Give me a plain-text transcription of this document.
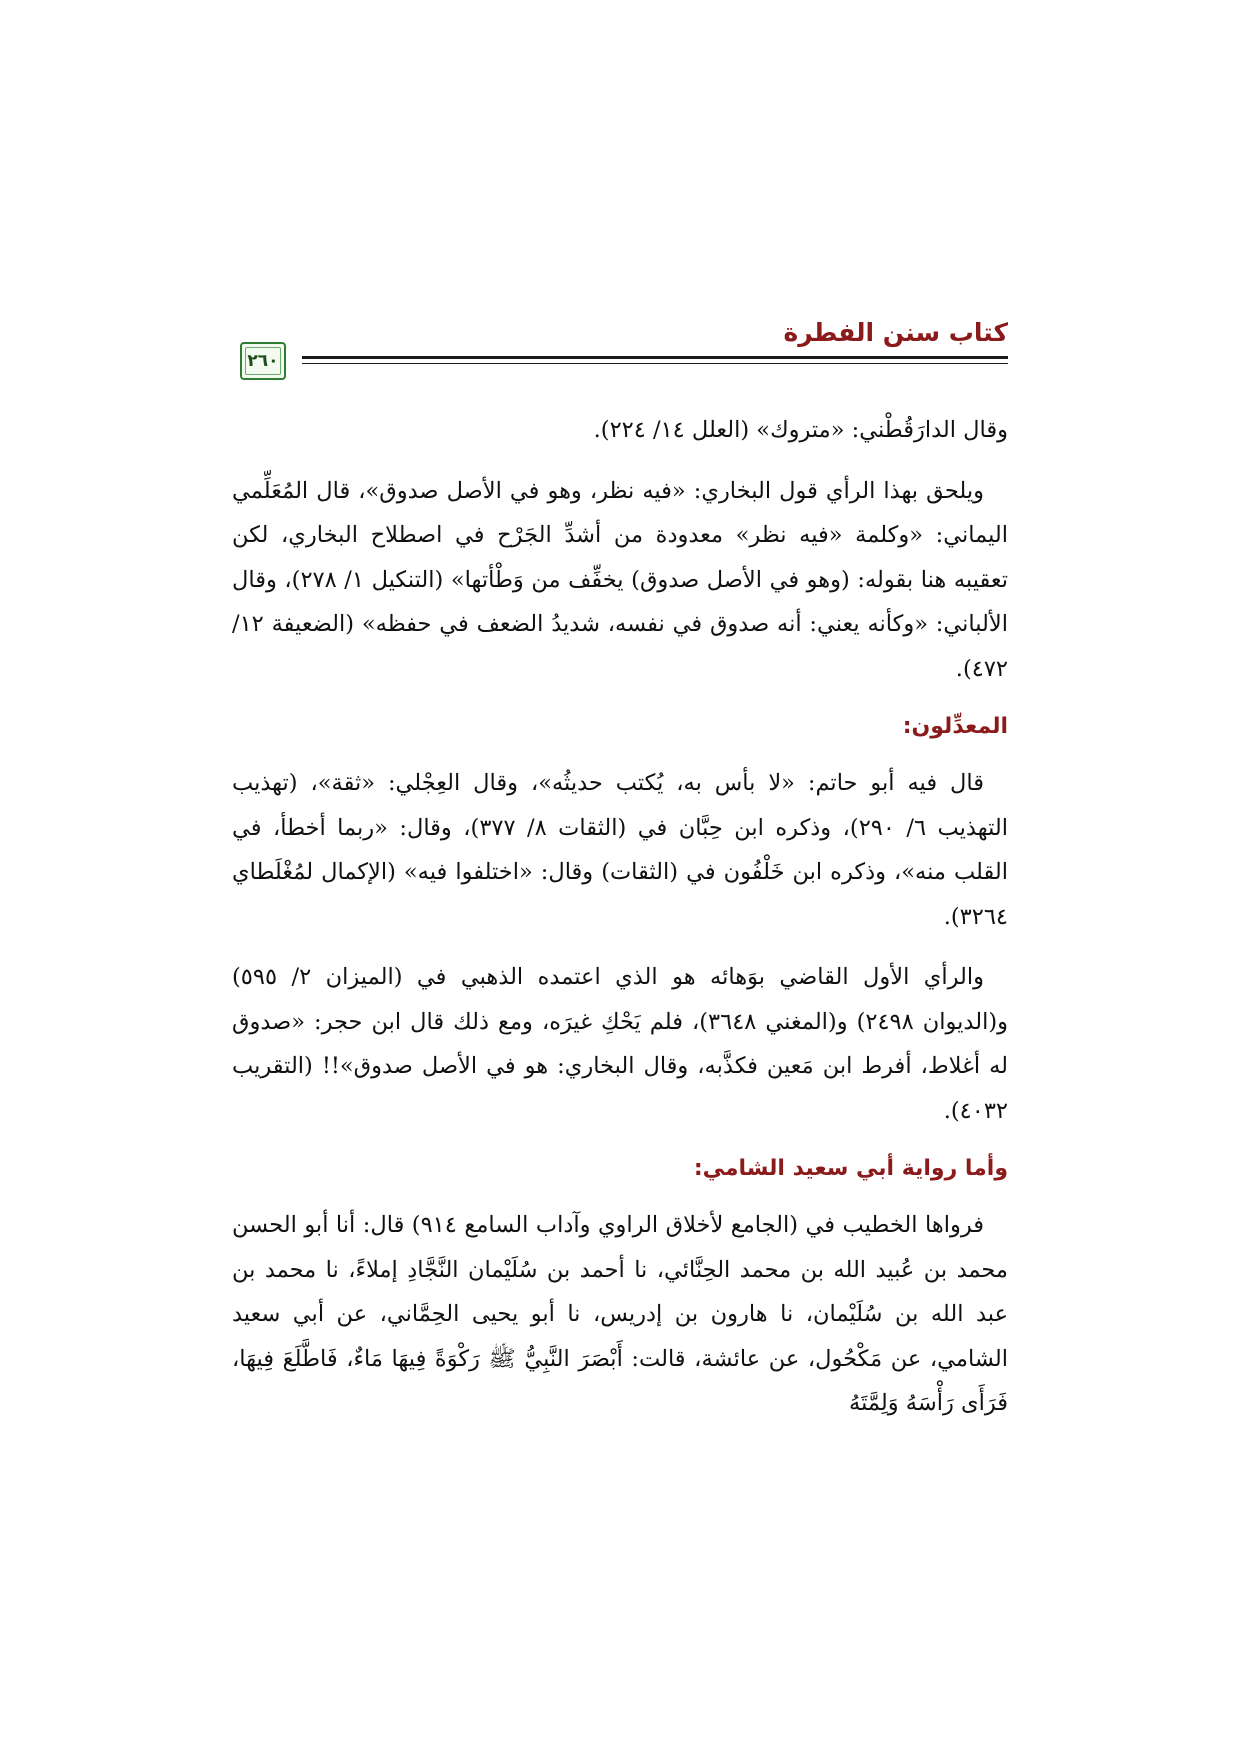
٢٦٠
كتاب سنن الفطرة

وقال الدارَقُطْني: «متروك» (العلل ١٤/ ٢٢٤).

ويلحق بهذا الرأي قول البخاري: «فيه نظر، وهو في الأصل صدوق»، قال المُعَلِّمي اليماني: «وكلمة «فيه نظر» معدودة من أشدِّ الجَرْح في اصطلاح البخاري، لكن تعقيبه هنا بقوله: (وهو في الأصل صدوق) يخفِّف من وَطْأتها» (التنكيل ١/ ٢٧٨)، وقال الألباني: «وكأنه يعني: أنه صدوق في نفسه، شديدُ الضعف في حفظه» (الضعيفة ١٢/ ٤٧٢).

المعدِّلون:

قال فيه أبو حاتم: «لا بأس به، يُكتب حديثُه»، وقال العِجْلي: «ثقة»، (تهذيب التهذيب ٦/ ٢٩٠)، وذكره ابن حِبَّان في (الثقات ٨/ ٣٧٧)، وقال: «ربما أخطأ، في القلب منه»، وذكره ابن خَلْفُون في (الثقات) وقال: «اختلفوا فيه» (الإكمال لمُغْلَطاي ٣٢٦٤).

والرأي الأول القاضي بوَهائه هو الذي اعتمده الذهبي في (الميزان ٢/ ٥٩٥) و(الديوان ٢٤٩٨) و(المغني ٣٦٤٨)، فلم يَحْكِ غيرَه، ومع ذلك قال ابن حجر: «صدوق له أغلاط، أفرط ابن مَعين فكذَّبه، وقال البخاري: هو في الأصل صدوق»!! (التقريب ٤٠٣٢).

وأما رواية أبي سعيد الشامي:

فرواها الخطيب في (الجامع لأخلاق الراوي وآداب السامع ٩١٤) قال: أنا أبو الحسن محمد بن عُبيد الله بن محمد الحِنَّائي، نا أحمد بن سُلَيْمان النَّجَّادِ إملاءً، نا محمد بن عبد الله بن سُلَيْمان، نا هارون بن إدريس، نا أبو يحيى الحِمَّاني، عن أبي سعيد الشامي، عن مَكْحُول، عن عائشة، قالت: أَبْصَرَ النَّبِيُّ ﷺ رَكْوَةً فِيهَا مَاءٌ، فَاطَّلَعَ فِيهَا، فَرَأَى رَأْسَهُ وَلِمَّتَهُ
